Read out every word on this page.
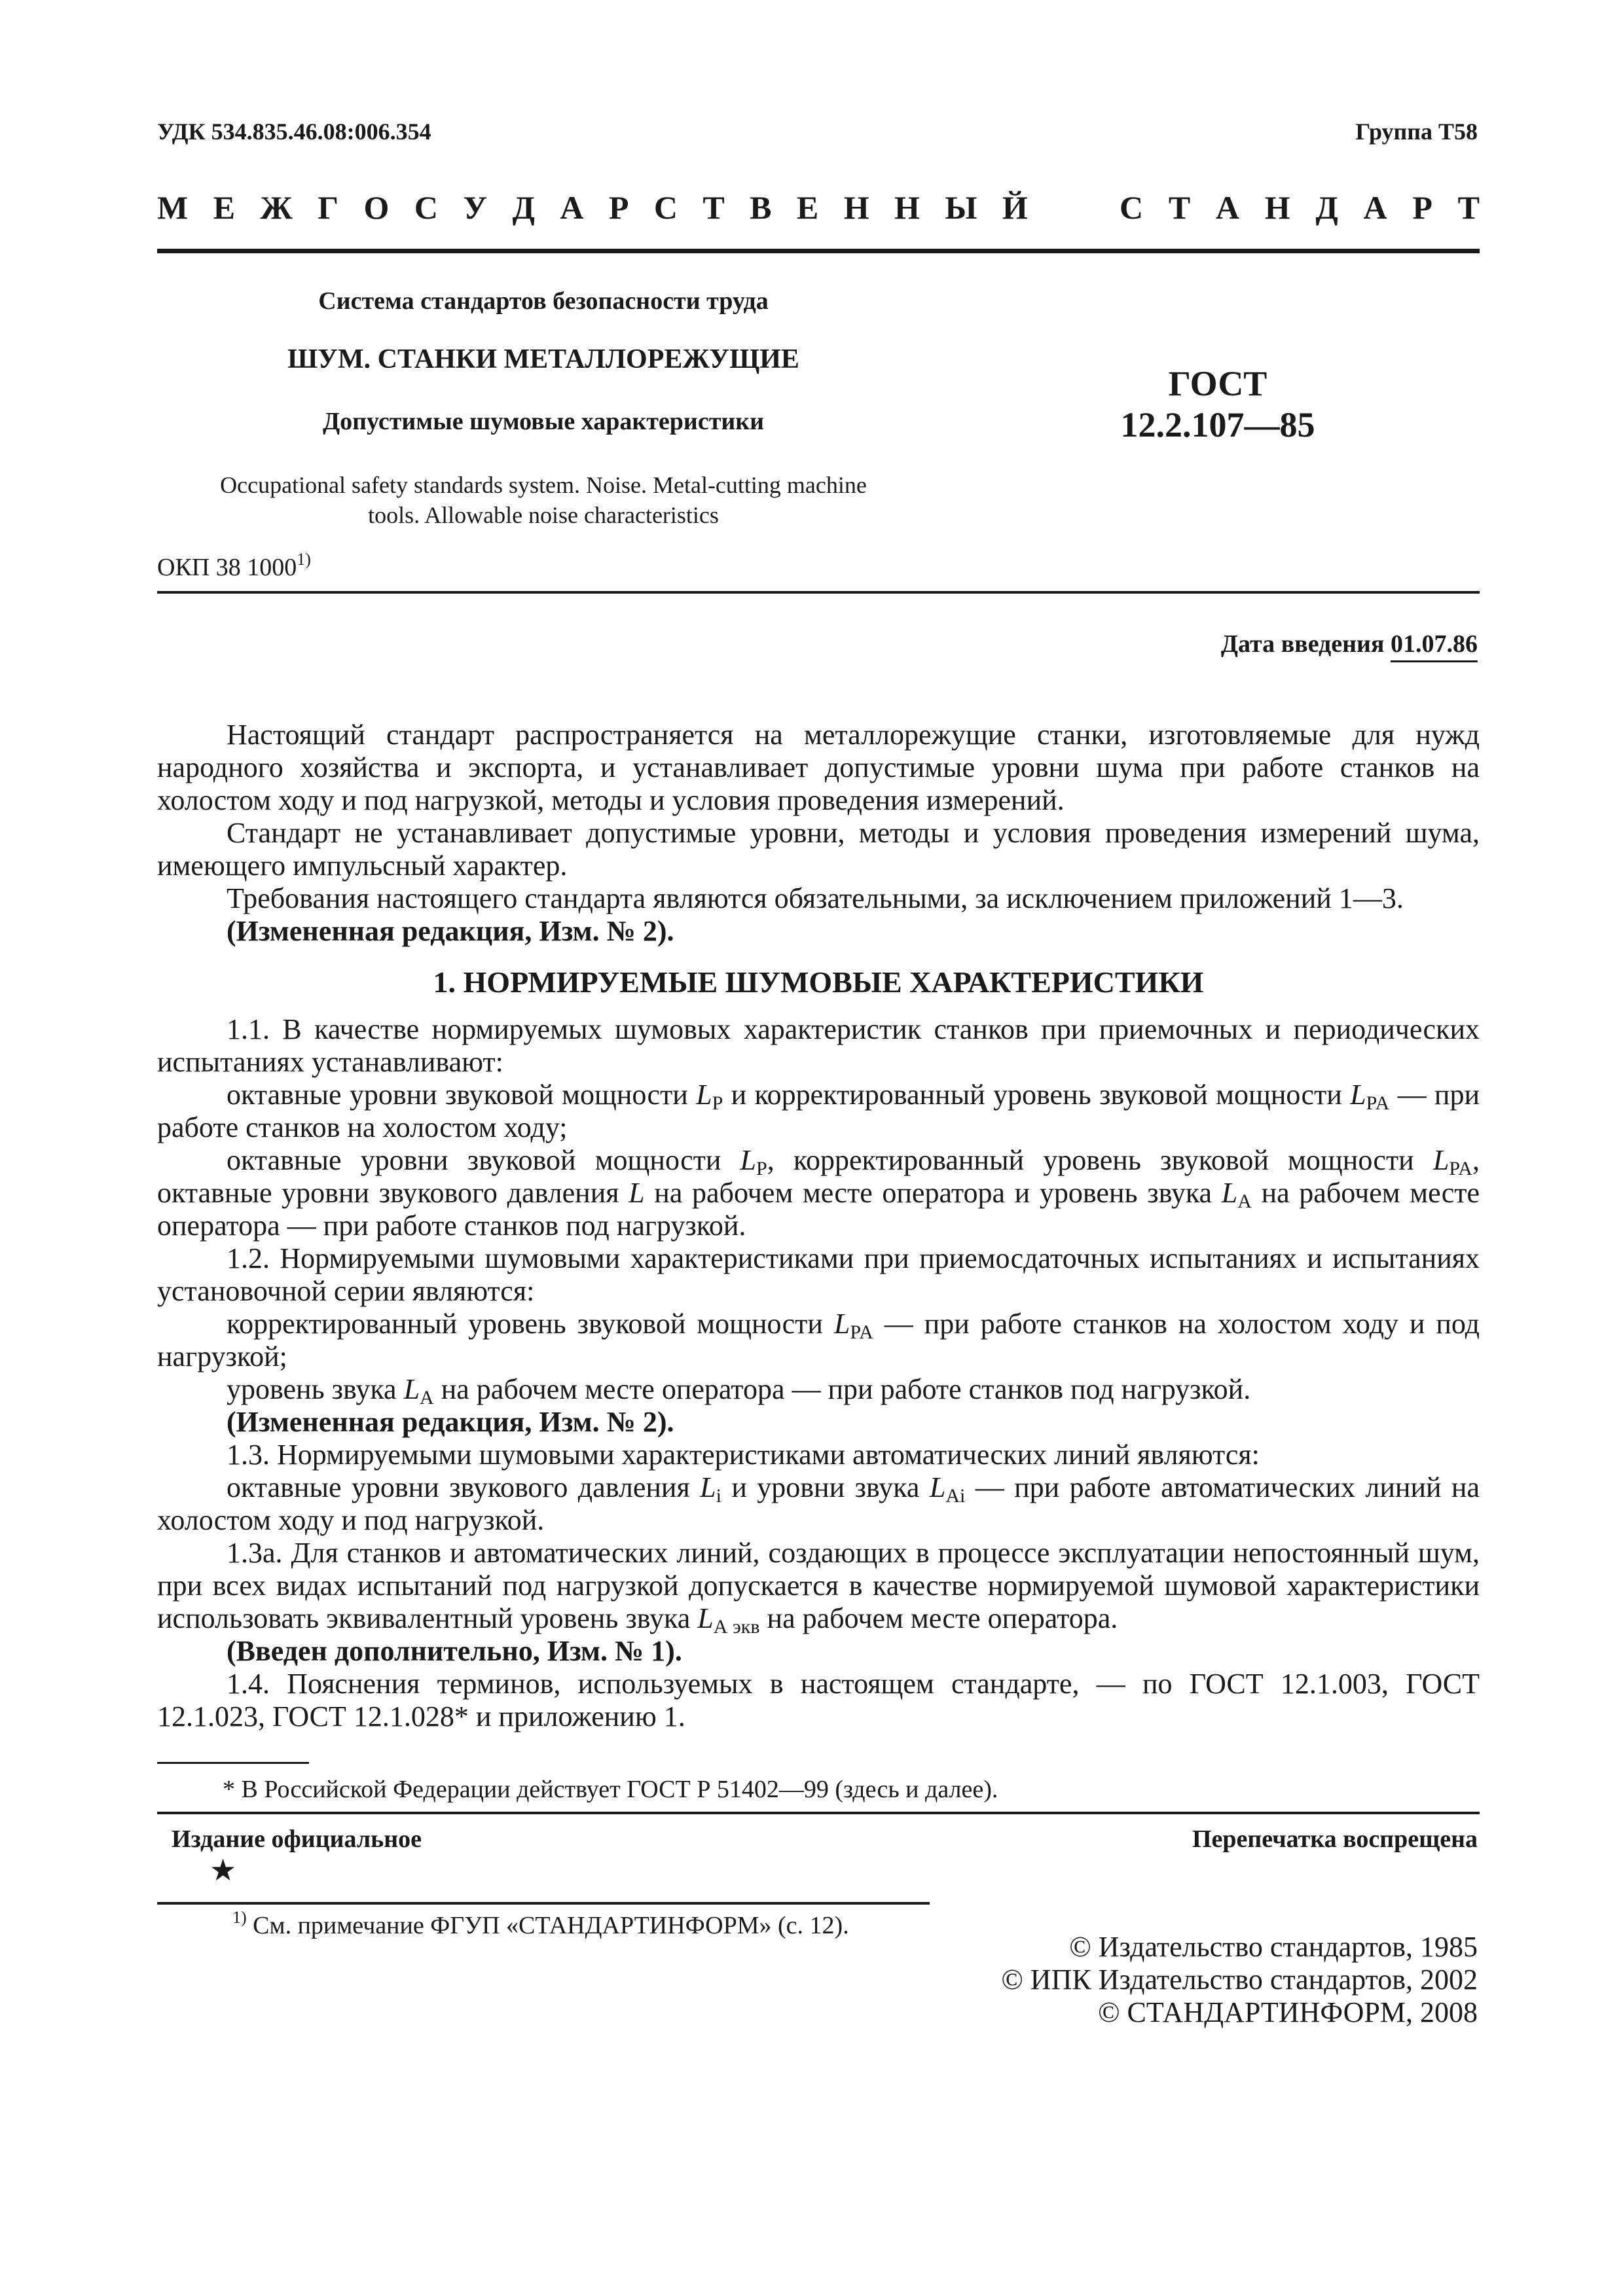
УДК 534.835.46.08:006.354	Группа Т58
М Е Ж Г О С У Д А Р С Т В Е Н Н Ы Й	С Т А Н Д А Р Т
Система стандартов безопасности труда
ШУМ. СТАНКИ МЕТАЛЛОРЕЖУЩИЕ
Допустимые шумовые характеристики
ГОСТ
12.2.107—85
Occupational safety standards system. Noise. Metal-cutting machine
tools. Allowable noise characteristics
ОКП 38 1000$^{1)}$
Дата введения 01.07.86

Настоящий стандарт распространяется на металлорежущие станки, изготовляемые для нужд народного хозяйства и экспорта, и устанавливает допустимые уровни шума при работе станков на холостом ходу и под нагрузкой, методы и условия проведения измерений.

Стандарт не устанавливает допустимые уровни, методы и условия проведения измерений шума, имеющего импульсный характер.

Требования настоящего стандарта являются обязательными, за исключением приложений 1—3.

(Измененная редакция, Изм. № 2).

1. НОРМИРУЕМЫЕ ШУМОВЫЕ ХАРАКТЕРИСТИКИ

1.1. В качестве нормируемых шумовых характеристик станков при приемочных и периодических испытаниях устанавливают:

октавные уровни звуковой мощности $L_P$ и корректированный уровень звуковой мощности $L_{PA}$ — при работе станков на холостом ходу;

октавные уровни звуковой мощности $L_P$, корректированный уровень звуковой мощности $L_{PA}$, октавные уровни звукового давления L на рабочем месте оператора и уровень звука $L_A$ на рабочем месте оператора — при работе станков под нагрузкой.

1.2. Нормируемыми шумовыми характеристиками при приемосдаточных испытаниях и испытаниях установочной серии являются:

корректированный уровень звуковой мощности $L_{PA}$ — при работе станков на холостом ходу и под нагрузкой;

уровень звука $L_A$ на рабочем месте оператора — при работе станков под нагрузкой.

(Измененная редакция, Изм. № 2).

1.3. Нормируемыми шумовыми характеристиками автоматических линий являются:

октавные уровни звукового давления $L_i$ и уровни звука $L_{Ai}$ — при работе автоматических линий на холостом ходу и под нагрузкой.

1.3а. Для станков и автоматических линий, создающих в процессе эксплуатации непостоянный шум, при всех видах испытаний под нагрузкой допускается в качестве нормируемой шумовой характеристики использовать эквивалентный уровень звука $L_{А экв}$ на рабочем месте оператора.

(Введен дополнительно, Изм. № 1).

1.4. Пояснения терминов, используемых в настоящем стандарте, — по ГОСТ 12.1.003, ГОСТ 12.1.023, ГОСТ 12.1.028* и приложению 1.

* В Российской Федерации действует ГОСТ Р 51402—99 (здесь и далее).
Издание официальное
★
Перепечатка воспрещена
$^{1)}$ См. примечание ФГУП «СТАНДАРТИНФОРМ» (с. 12).
© Издательство стандартов, 1985
© ИПК Издательство стандартов, 2002
© СТАНДАРТИНФОРМ, 2008
